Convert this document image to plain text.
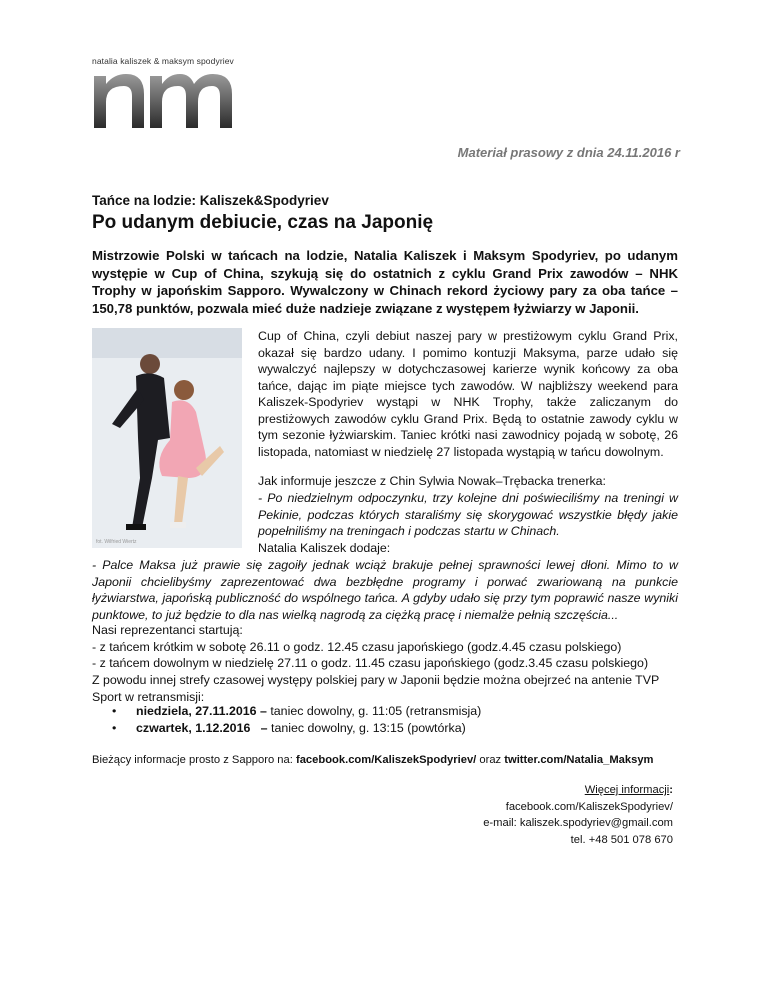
natalia kaliszek & maksym spodyriev
Materiał prasowy z dnia 24.11.2016 r
Tańce na lodzie: Kaliszek&Spodyriev
Po udanym debiucie, czas na Japonię
Mistrzowie Polski w tańcach na lodzie, Natalia Kaliszek i Maksym Spodyriev, po udanym występie w Cup of China, szykują się do ostatnich z cyklu Grand Prix zawodów – NHK Trophy w japońskim Sapporo. Wywalczony w Chinach rekord życiowy pary za oba tańce – 150,78 punktów, pozwala mieć duże nadzieje związane z występem łyżwiarzy w Japonii.
fot. Wilfried Wiertz
Cup of China, czyli debiut naszej pary w prestiżowym cyklu Grand Prix, okazał się bardzo udany. I pomimo kontuzji Maksyma, parze udało się wywalczyć najlepszy w dotychczasowej karierze wynik końcowy za oba tańce, dając im piąte miejsce tych zawodów. W najbliższy weekend para Kaliszek-Spodyriev wystąpi w NHK Trophy, także zaliczanym do prestiżowych zawodów cyklu Grand Prix. Będą to ostatnie zawody cyklu w tym sezonie łyżwiarskim. Taniec krótki nasi zawodnicy pojadą w sobotę, 26 listopada, natomiast w niedzielę 27 listopada wystąpią w tańcu dowolnym.
Jak informuje jeszcze z Chin Sylwia Nowak–Trębacka trenerka:
- Po niedzielnym odpoczynku, trzy kolejne dni poświeciliśmy na treningi w Pekinie, podczas których staraliśmy się skorygować wszystkie błędy jakie popełniliśmy na treningach i podczas startu w Chinach.
Natalia Kaliszek dodaje:
- Palce Maksa już prawie się zagoiły jednak wciąż brakuje pełnej sprawności lewej dłoni. Mimo to w Japonii chcielibyśmy zaprezentować dwa bezbłędne programy i porwać zwariowaną na punkcie łyżwiarstwa, japońską publiczność do wspólnego tańca. A gdyby udało się przy tym poprawić nasze wyniki punktowe, to już będzie to dla nas wielką nagrodą za ciężką pracę i niemalże pełnią szczęścia...
Nasi reprezentanci startują:
- z tańcem krótkim w sobotę 26.11 o godz. 12.45 czasu japońskiego (godz.4.45 czasu polskiego)
- z tańcem dowolnym w niedzielę 27.11 o godz. 11.45 czasu japońskiego (godz.3.45 czasu polskiego)
Z powodu innej strefy czasowej występy polskiej pary w Japonii będzie można obejrzeć na antenie TVP Sport w retransmisji:
• niedziela, 27.11.2016 – taniec dowolny, g. 11:05 (retransmisja)
• czwartek, 1.12.2016   – taniec dowolny, g. 13:15 (powtórka)
Bieżący informacje prosto z Sapporo na: facebook.com/KaliszekSpodyriev/ oraz twitter.com/Natalia_Maksym
Więcej informacji:
facebook.com/KaliszekSpodyriev/
e-mail: kaliszek.spodyriev@gmail.com
tel. +48 501 078 670
